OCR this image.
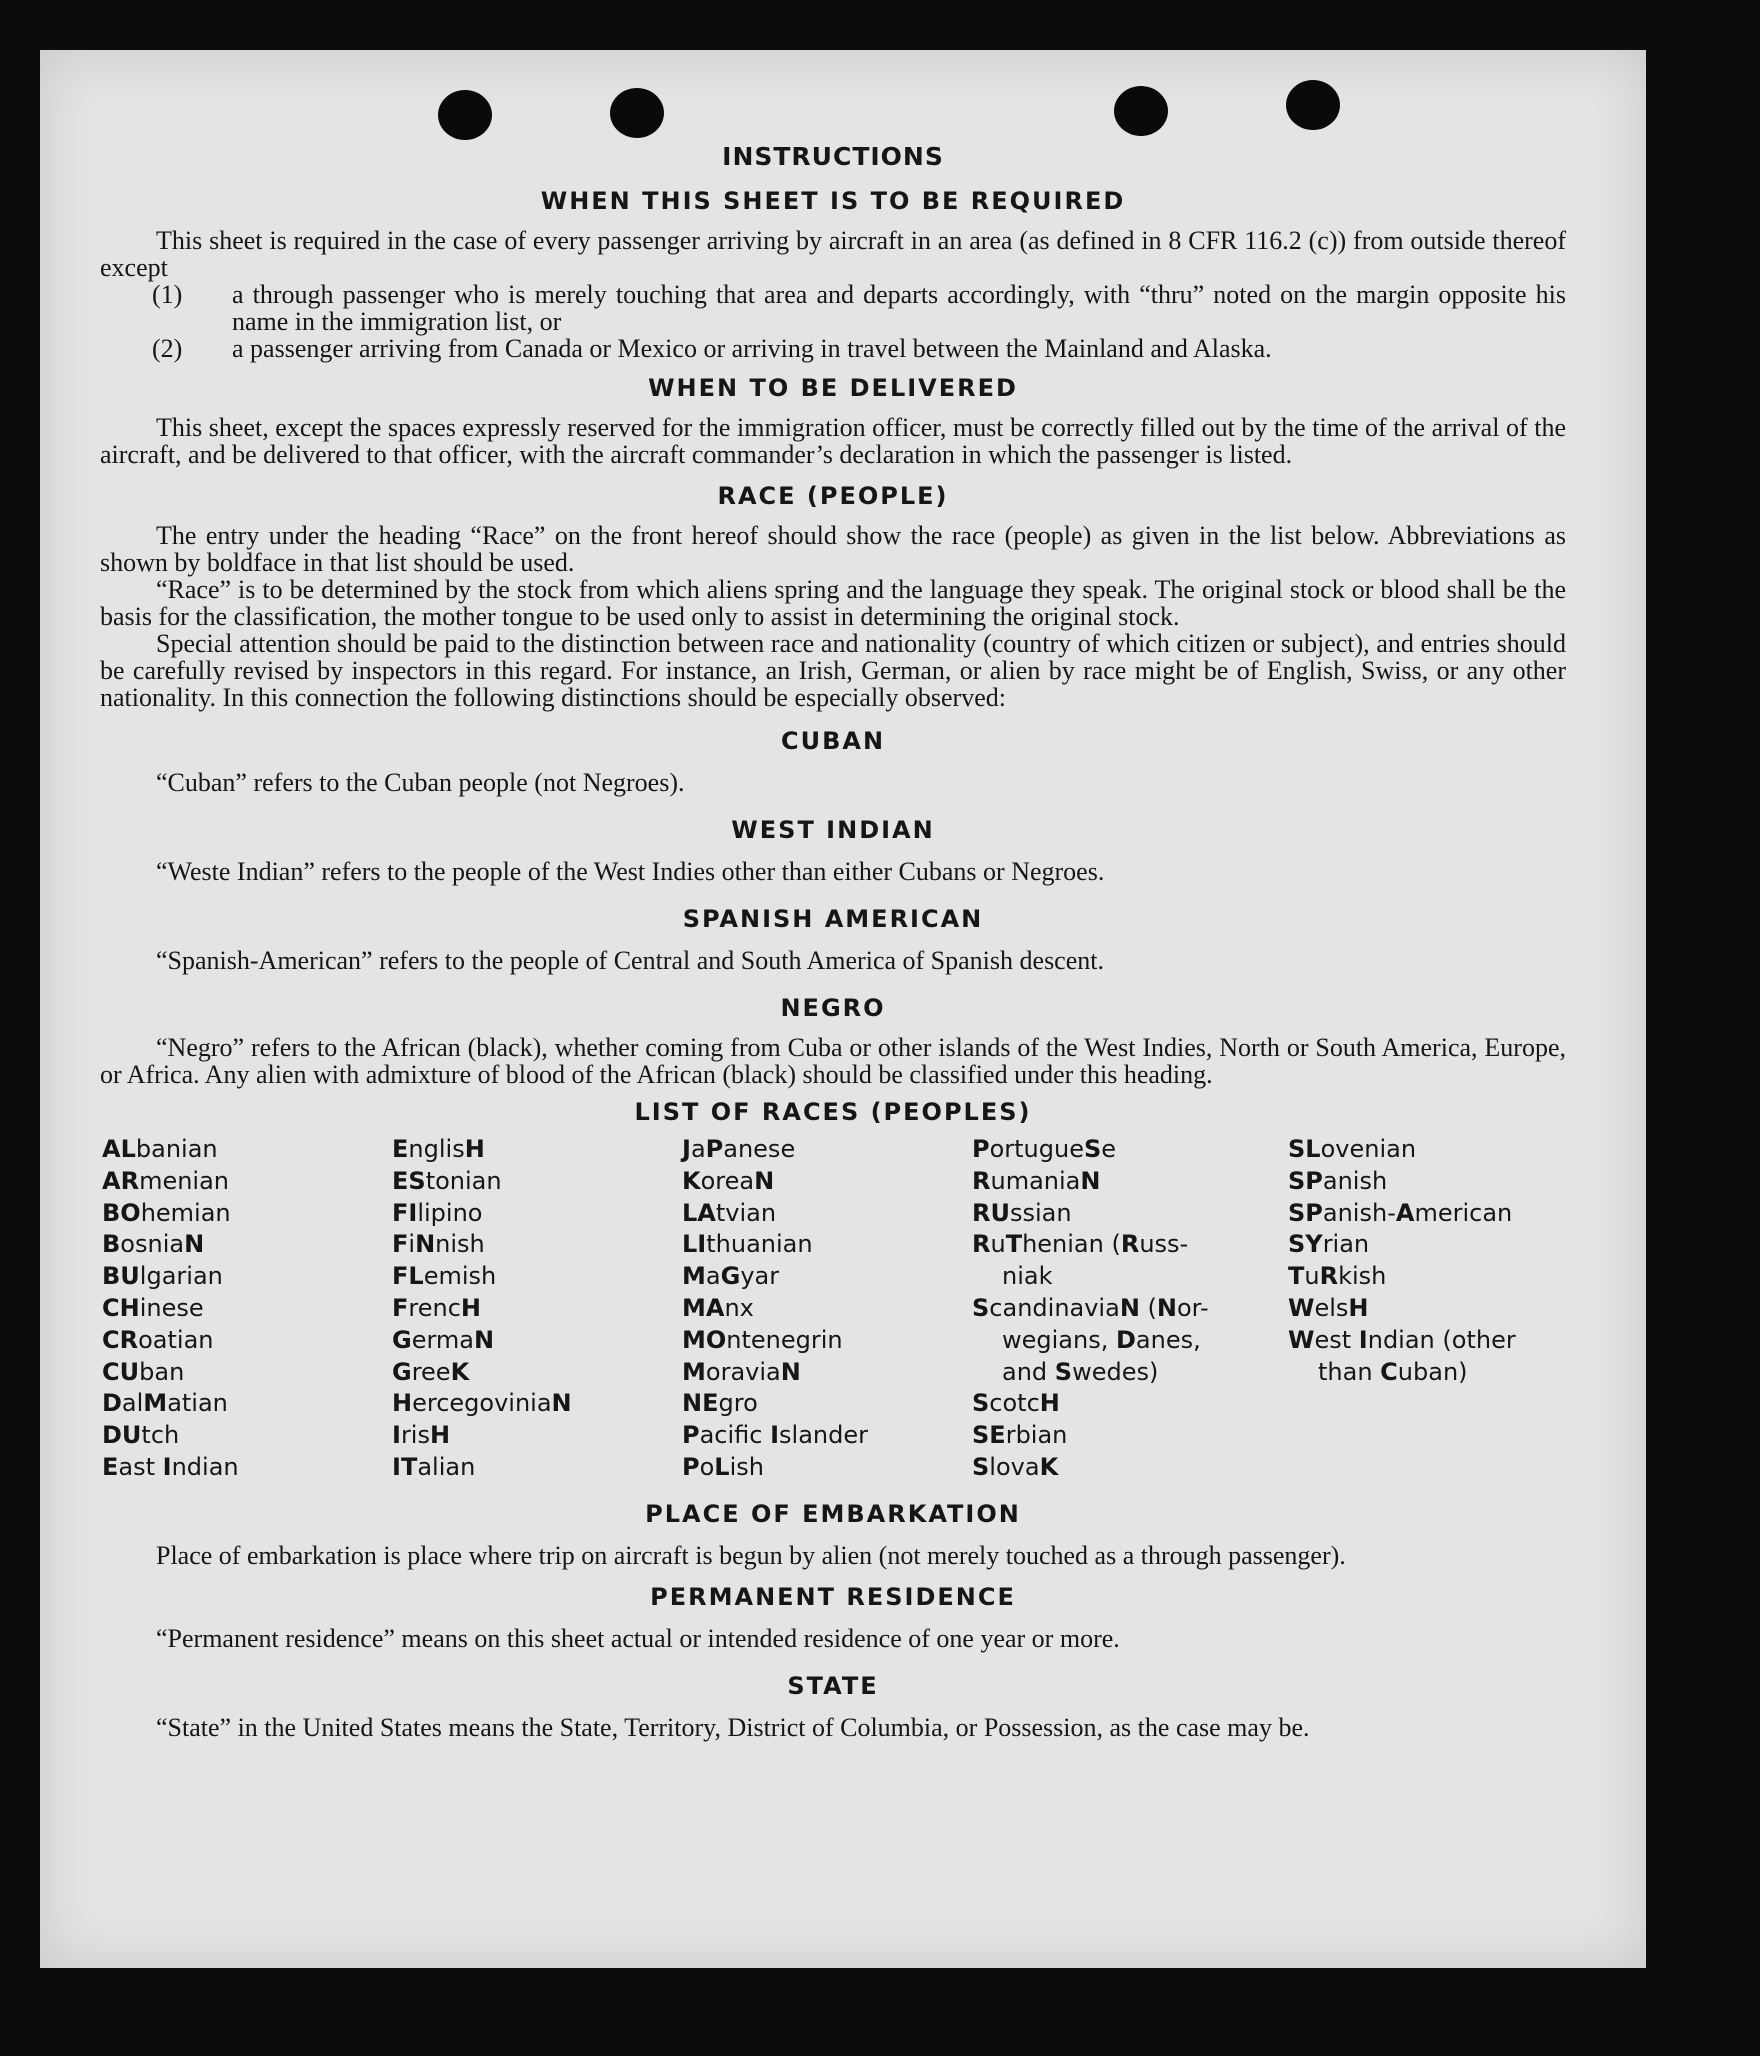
INSTRUCTIONS
WHEN THIS SHEET IS TO BE REQUIRED

This sheet is required in the case of every passenger arriving by aircraft in an area (as defined in 8 CFR 116.2 (c)) from outside thereof except

(1)	a through passenger who is merely touching that area and departs accordingly, with “thru” noted on the margin opposite his name in the immigration list, or
(2)	a passenger arriving from Canada or Mexico or arriving in travel between the Mainland and Alaska.
WHEN TO BE DELIVERED

This sheet, except the spaces expressly reserved for the immigration officer, must be correctly filled out by the time of the arrival of the aircraft, and be delivered to that officer, with the aircraft commander’s declaration in which the passenger is listed.

RACE (PEOPLE)

The entry under the heading “Race” on the front hereof should show the race (people) as given in the list below. Abbreviations as shown by boldface in that list should be used.

“Race” is to be determined by the stock from which aliens spring and the language they speak. The original stock or blood shall be the basis for the classification, the mother tongue to be used only to assist in determining the original stock.

Special attention should be paid to the distinction between race and nationality (country of which citizen or subject), and entries should be carefully revised by inspectors in this regard. For instance, an Irish, German, or alien by race might be of English, Swiss, or any other nationality. In this connection the following distinctions should be especially observed:

CUBAN

“Cuban” refers to the Cuban people (not Negroes).

WEST INDIAN

“Weste Indian” refers to the people of the West Indies other than either Cubans or Negroes.

SPANISH AMERICAN

“Spanish-American” refers to the people of Central and South America of Spanish descent.

NEGRO

“Negro” refers to the African (black), whether coming from Cuba or other islands of the West Indies, North or South America, Europe, or Africa. Any alien with admixture of blood of the African (black) should be classified under this heading.

LIST OF RACES (PEOPLES)
ALbanian
ARmenian
BOhemian
BosniaN
BUlgarian
CHinese
CRoatian
CUban
DalMatian
DUtch
East Indian
EnglisH
EStonian
FIlipino
FiNnish
FLemish
FrencH
GermaN
GreeK
HercegoviniaN
IrisH
ITalian
JaPanese
KoreaN
LAtvian
LIthuanian
MaGyar
MAnx
MOntenegrin
MoraviaN
NEgro
Pacific Islander
PoLish
PortugueSe
RumaniaN
RUssian
RuThenian (Russ-
niak
ScandinaviaN (Nor-
wegians, Danes,
and Swedes)
ScotcH
SErbian
SlovaK
SLovenian
SPanish
SPanish-American
SYrian
TuRkish
WelsH
West Indian (other
than Cuban)
PLACE OF EMBARKATION

Place of embarkation is place where trip on aircraft is begun by alien (not merely touched as a through passenger).

PERMANENT RESIDENCE

“Permanent residence” means on this sheet actual or intended residence of one year or more.

STATE

“State” in the United States means the State, Territory, District of Columbia, or Possession, as the case may be.
